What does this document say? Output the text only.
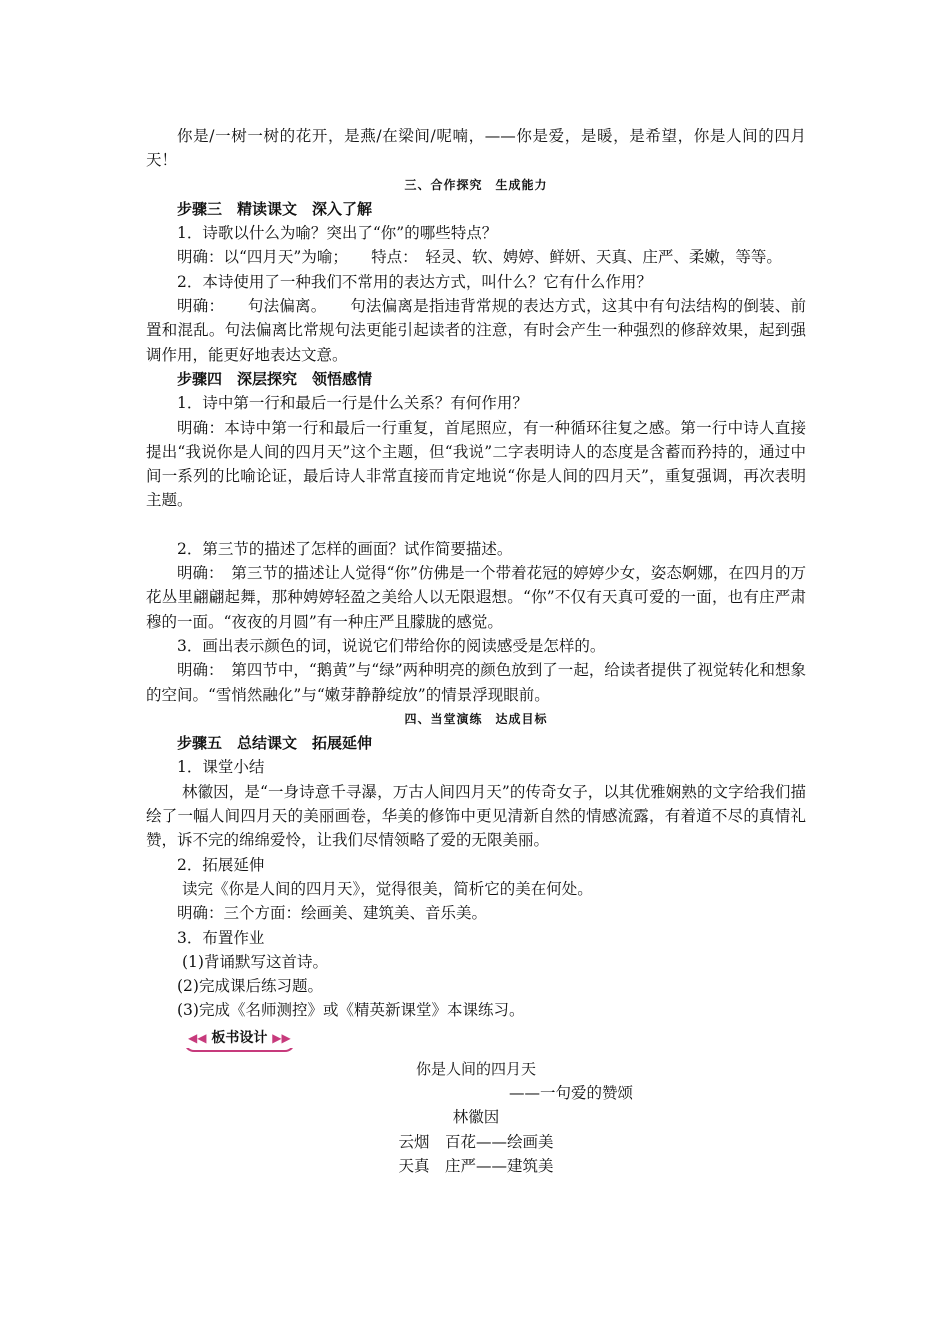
你是/一树一树的花开，是燕/在梁间/呢喃，——你是爱，是暖，是希望，你是人间的四月天！

三、合作探究　生成能力

步骤三　精读课文　深入了解

1．诗歌以什么为喻？突出了“你”的哪些特点？

明确：以“四月天”为喻；　　特点：　轻灵、软、娉婷、鲜妍、天真、庄严、柔嫩，等等。

2．本诗使用了一种我们不常用的表达方式，叫什么？它有什么作用？

明确：　　句法偏离。　　句法偏离是指违背常规的表达方式，这其中有句法结构的倒装、前置和混乱。句法偏离比常规句法更能引起读者的注意，有时会产生一种强烈的修辞效果，起到强调作用，能更好地表达文意。

步骤四　深层探究　领悟感情

1．诗中第一行和最后一行是什么关系？有何作用？

明确：本诗中第一行和最后一行重复，首尾照应，有一种循环往复之感。第一行中诗人直接提出“我说你是人间的四月天”这个主题，但“我说”二字表明诗人的态度是含蓄而矜持的，通过中间一系列的比喻论证，最后诗人非常直接而肯定地说“你是人间的四月天”，重复强调，再次表明主题。

2．第三节的描述了怎样的画面？试作简要描述。

明确：　第三节的描述让人觉得“你”仿佛是一个带着花冠的婷婷少女，姿态婀娜，在四月的万花丛里翩翩起舞，那种娉婷轻盈之美给人以无限遐想。“你”不仅有天真可爱的一面，也有庄严肃穆的一面。“夜夜的月圆”有一种庄严且朦胧的感觉。

3．画出表示颜色的词，说说它们带给你的阅读感受是怎样的。

明确：　第四节中，“鹅黄”与“绿”两种明亮的颜色放到了一起，给读者提供了视觉转化和想象的空间。“雪悄然融化”与“嫩芽静静绽放”的情景浮现眼前。

四、当堂演练　达成目标

步骤五　总结课文　拓展延伸

1．课堂小结

林徽因，是“一身诗意千寻瀑，万古人间四月天”的传奇女子，以其优雅娴熟的文字给我们描绘了一幅人间四月天的美丽画卷，华美的修饰中更见清新自然的情感流露，有着道不尽的真情礼赞，诉不完的绵绵爱怜，让我们尽情领略了爱的无限美丽。

2．拓展延伸

读完《你是人间的四月天》，觉得很美，简析它的美在何处。

明确：三个方面：绘画美、建筑美、音乐美。

3．布置作业

(1)背诵默写这首诗。

(2)完成课后练习题。

(3)完成《名师测控》或《精英新课堂》本课练习。

◀◀ 板书设计 ▶▶

你是人间的四月天

——一句爱的赞颂

林徽因

云烟　百花——绘画美

天真　庄严——建筑美
